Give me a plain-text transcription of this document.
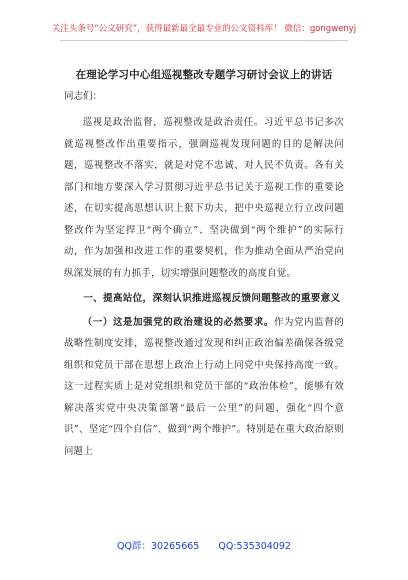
关注头条号“公文研究”，获得最新最全最专业的公文资料库！ 微信：gongwenyj
在理论学习中心组巡视整改专题学习研讨会议上的讲话
同志们：

巡视是政治监督，巡视整改是政治责任。习近平总书记多次就巡视整改作出重要指示，强调巡视发现问题的目的是解决问题，巡视整改不落实，就是对党不忠诚、对人民不负责。各有关部门和地方要深入学习贯彻习近平总书记关于巡视工作的重要论述，在切实提高思想认识上狠下功夫，把中央巡视立行立改问题整改作为坚定捍卫“两个确立”、坚决做到“两个维护”的实际行动，作为加强和改进工作的重要契机，作为推动全面从严治党向纵深发展的有力抓手，切实增强问题整改的高度自觉。

一、提高站位，深刻认识推进巡视反馈问题整改的重要意义

（一）这是加强党的政治建设的必然要求。作为党内监督的战略性制度安排，巡视整改通过发现和纠正政治偏差确保各级党组织和党员干部在思想上政治上行动上同党中央保持高度一致。这一过程实质上是对党组织和党员干部的“政治体检”，能够有效解决落实党中央决策部署“最后一公里”的问题，强化“四个意识”、坚定“四个自信”、做到“两个维护”。特别是在重大政治原则问题上

QQ群：30265665 QQ:535304092
